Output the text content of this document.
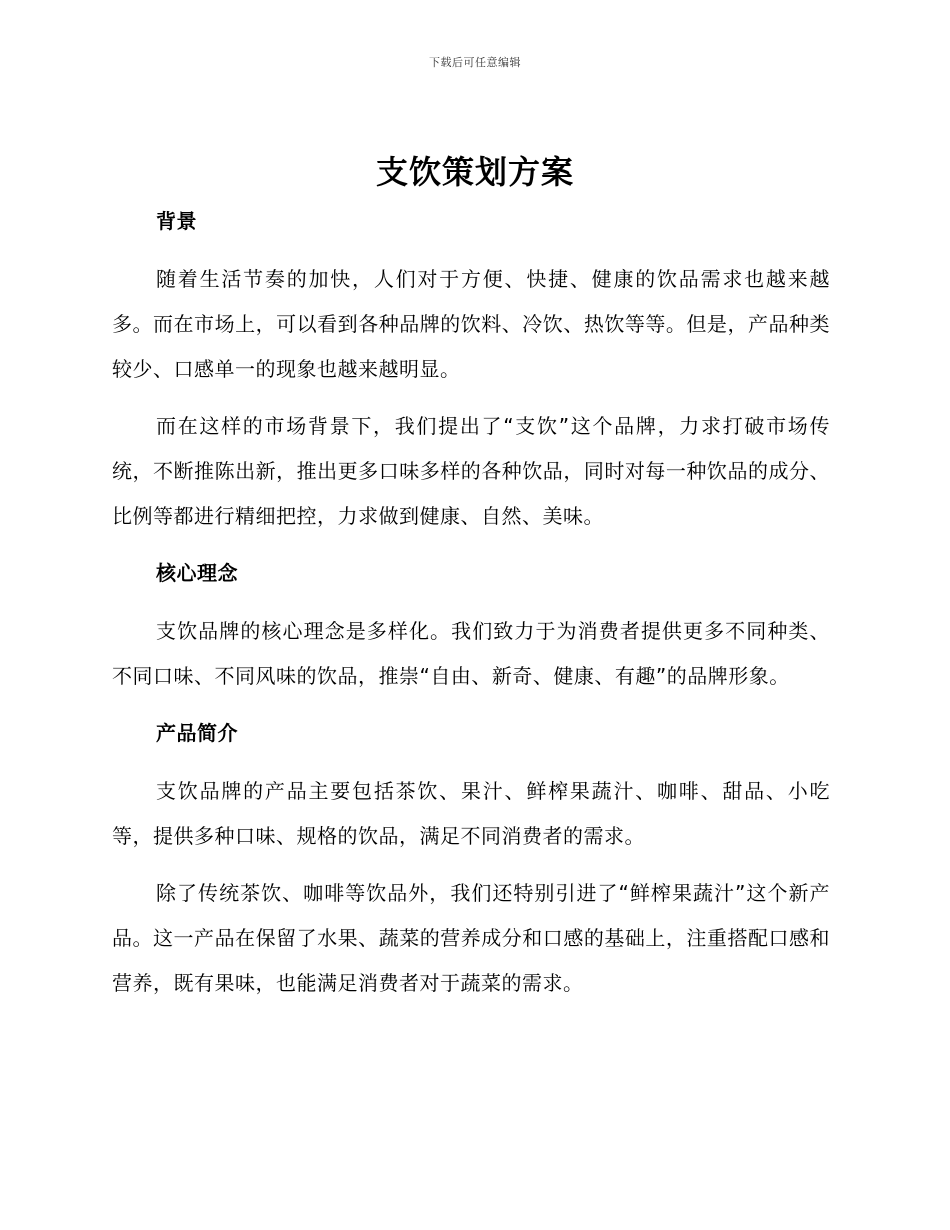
下载后可任意编辑
支饮策划方案
背景

随着生活节奏的加快，人们对于方便、快捷、健康的饮品需求也越来越多。而在市场上，可以看到各种品牌的饮料、冷饮、热饮等等。但是，产品种类较少、口感单一的现象也越来越明显。

而在这样的市场背景下，我们提出了“支饮”这个品牌，力求打破市场传统，不断推陈出新，推出更多口味多样的各种饮品，同时对每一种饮品的成分、比例等都进行精细把控，力求做到健康、自然、美味。

核心理念

支饮品牌的核心理念是多样化。我们致力于为消费者提供更多不同种类、不同口味、不同风味的饮品，推崇“自由、新奇、健康、有趣”的品牌形象。

产品简介

支饮品牌的产品主要包括茶饮、果汁、鲜榨果蔬汁、咖啡、甜品、小吃等，提供多种口味、规格的饮品，满足不同消费者的需求。

除了传统茶饮、咖啡等饮品外，我们还特别引进了“鲜榨果蔬汁”这个新产品。这一产品在保留了水果、蔬菜的营养成分和口感的基础上，注重搭配口感和营养，既有果味，也能满足消费者对于蔬菜的需求。
